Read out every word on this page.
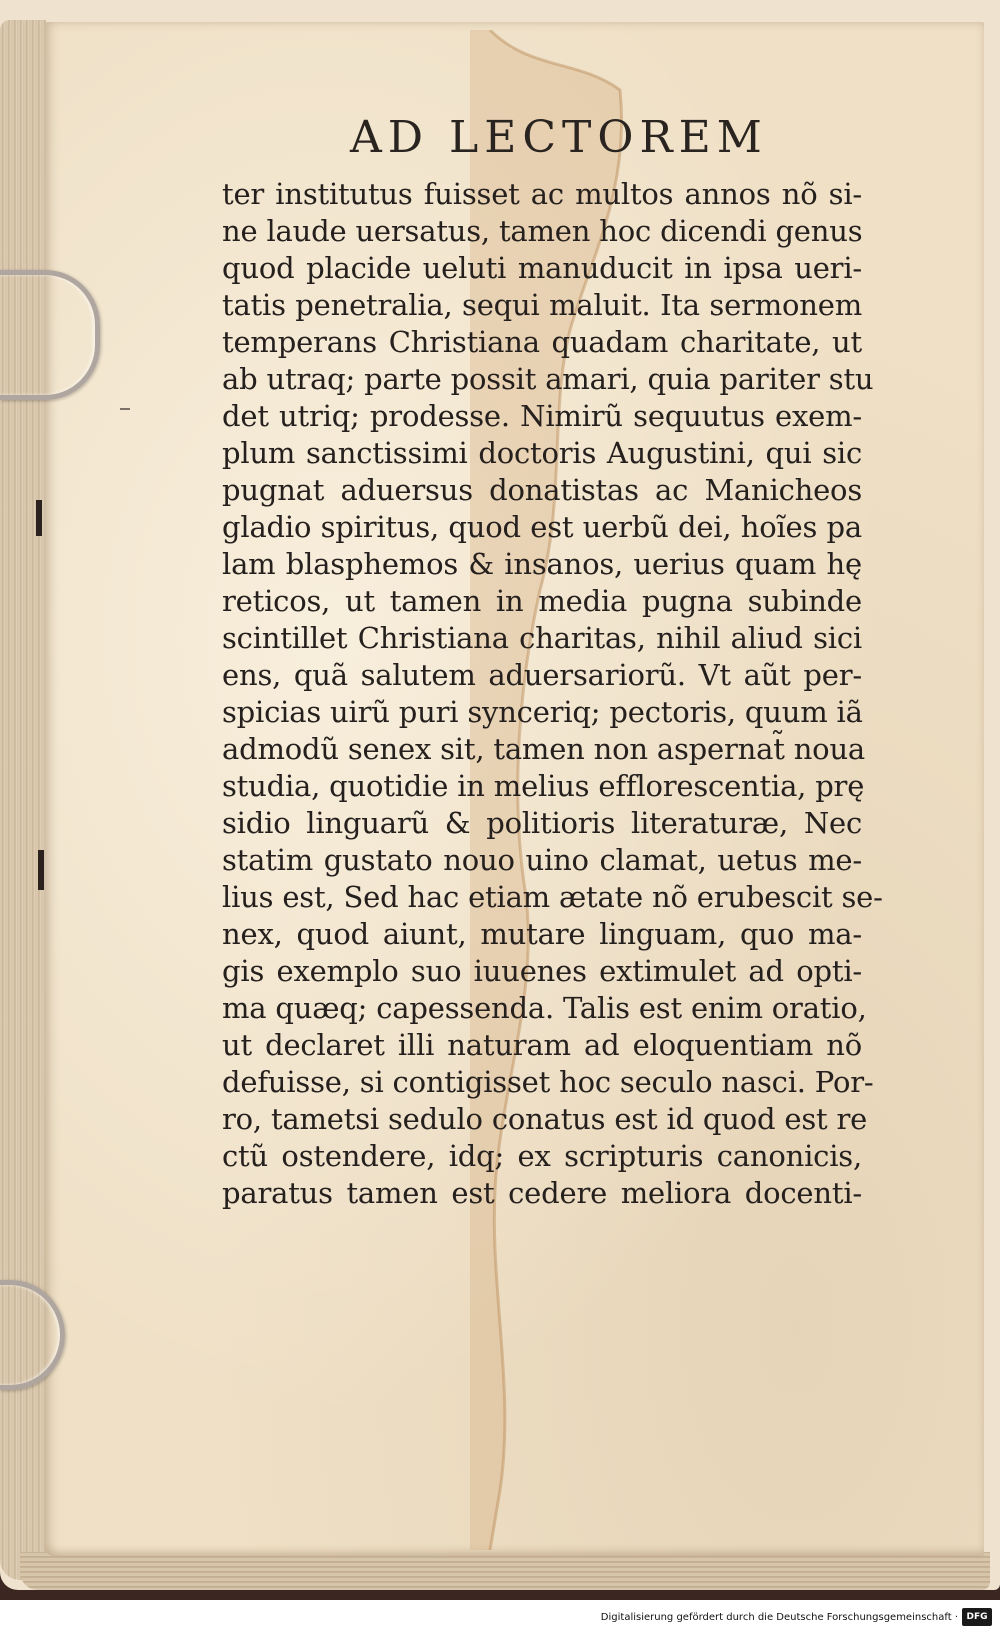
AD LECTOREM
ter institutus fuisset ac multos annos nõ si-
ne laude uersatus, tamen hoc dicendi genus
quod placide ueluti manuducit in ipsa ueri-
tatis penetralia, sequi maluit. Ita sermonem
temperans Christiana quadam charitate, ut
ab utraq; parte possit amari, quia pariter stu
det utriq; prodesse. Nimirũ sequutus exem-
plum sanctissimi doctoris Augustini, qui sic
pugnat aduersus donatistas ac Manicheos
gladio spiritus, quod est uerbũ dei, hoĩes pa
lam blasphemos & insanos, uerius quam hę
reticos, ut tamen in media pugna subinde
scintillet Christiana charitas, nihil aliud sici
ens, quã salutem aduersariorũ. Vt aũt per-
spicias uirũ puri synceriq; pectoris, quum iã
admodũ senex sit, tamen non aspernat̃ noua
studia, quotidie in melius efflorescentia, prę
sidio linguarũ & politioris literaturæ, Nec
statim gustato nouo uino clamat, uetus me-
lius est, Sed hac etiam ætate nõ erubescit se-
nex, quod aiunt, mutare linguam, quo ma-
gis exemplo suo iuuenes extimulet ad opti-
ma quæq; capessenda. Talis est enim oratio,
ut declaret illi naturam ad eloquentiam nõ
defuisse, si contigisset hoc seculo nasci. Por-
ro, tametsi sedulo conatus est id quod est re
ctũ ostendere, idq; ex scripturis canonicis,
paratus tamen est cedere meliora docenti-
Digitalisierung gefördert durch die Deutsche Forschungsgemeinschaft · DFG
